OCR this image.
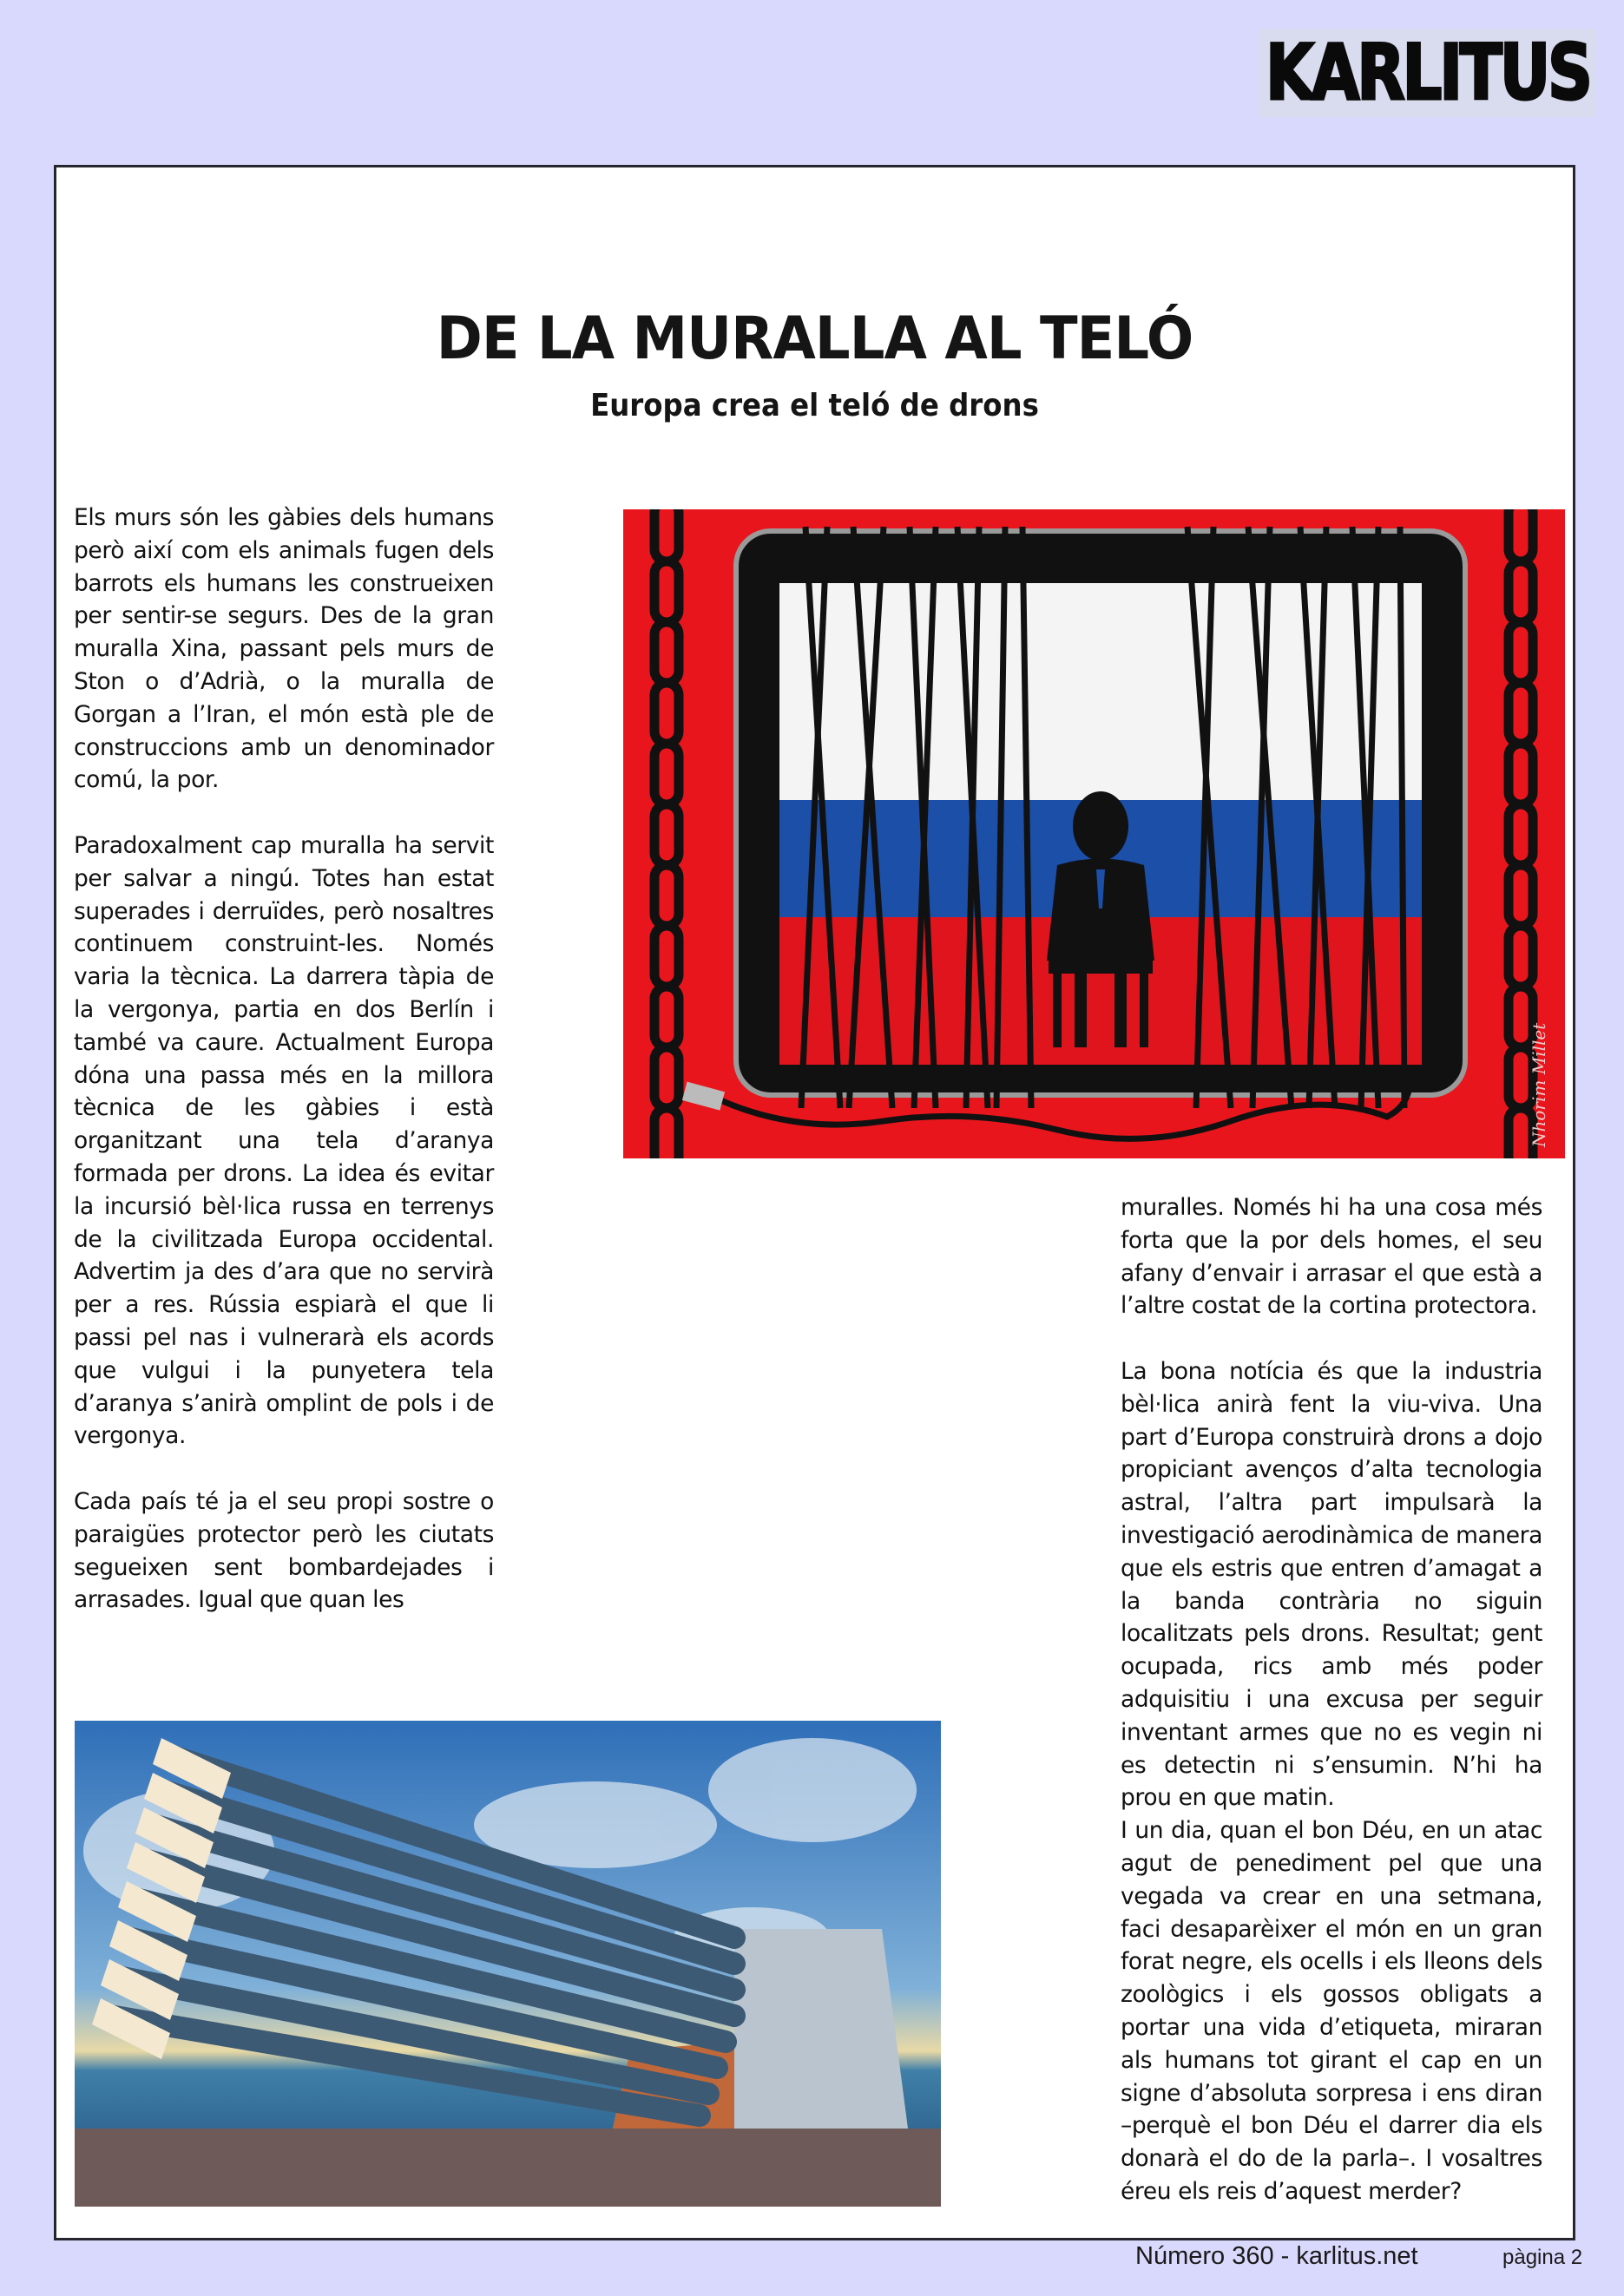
KARLITUS
DE LA MURALLA AL TELÓ
Europa crea el teló de drons

Els murs són les gàbies dels humans però així com els animals fugen dels barrots els humans les construeixen per sentir-se segurs. Des de la gran muralla Xina, passant pels murs de Ston o d’Adrià, o la muralla de Gorgan a l’Iran, el món està ple de construccions amb un denominador comú, la por.

Paradoxalment cap muralla ha servit per salvar a ningú. Totes han estat superades i derruïdes, però nosaltres continuem construint-les. Només varia la tècnica. La darrera tàpia de la vergonya, partia en dos Berlín i també va caure. Actualment Europa dóna una passa més en la millora tècnica de les gàbies i està organitzant una tela d’aranya formada per drons. La idea és evitar la incursió bèl·lica russa en terrenys de la civilitzada Europa occidental. Advertim ja des d’ara que no servirà per a res. Rússia espiarà el que li passi pel nas i vulnerarà els acords que vulgui i la punyetera tela d’aranya s’anirà omplint de pols i de vergonya.

Cada país té ja el seu propi sostre o paraigües protector però les ciutats segueixen sent bombardejades i arrasades. Igual que quan les

Nhorim Millet

muralles. Només hi ha una cosa més forta que la por dels homes, el seu afany d’envair i arrasar el que està a l’altre costat de la cortina protectora.

La bona notícia és que la industria bèl·lica anirà fent la viu-viva. Una part d’Europa construirà drons a dojo propiciant avenços d’alta tecnologia astral, l’altra part impulsarà la investigació aerodinàmica de manera que els estris que entren d’amagat a la banda contrària no siguin localitzats pels drons. Resultat; gent ocupada, rics amb més poder adquisitiu i una excusa per seguir inventant armes que no es vegin ni es detectin ni s’ensumin. N’hi ha prou en que matin.

I un dia, quan el bon Déu, en un atac agut de penediment pel que una vegada va crear en una setmana, faci desaparèixer el món en un gran forat negre, els ocells i els lleons dels zoològics i els gossos obligats a portar una vida d’etiqueta, miraran als humans tot girant el cap en un signe d’absoluta sorpresa i ens diran –perquè el bon Déu el darrer dia els donarà el do de la parla–. I vosaltres éreu els reis d’aquest merder?

Número 360 - karlitus.net	pàgina 2
